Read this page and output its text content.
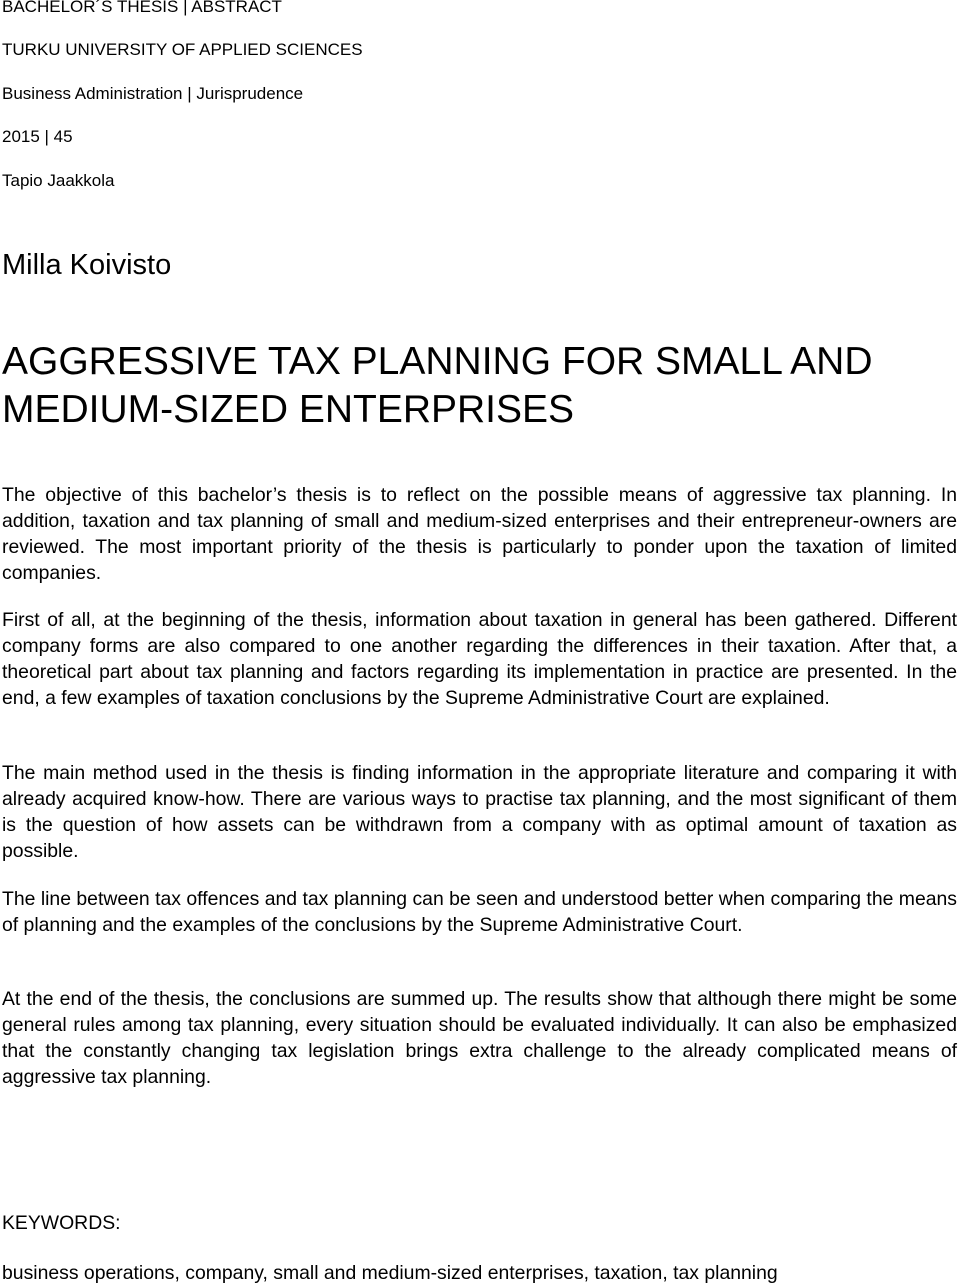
BACHELOR´S THESIS | ABSTRACT
TURKU UNIVERSITY OF APPLIED SCIENCES
Business Administration | Jurisprudence
2015 | 45
Tapio Jaakkola
Milla Koivisto
AGGRESSIVE TAX PLANNING FOR SMALL AND MEDIUM-SIZED ENTERPRISES

The objective of this bachelor’s thesis is to reflect on the possible means of aggressive tax planning. In addition, taxation and tax planning of small and medium-sized enterprises and their entrepreneur-owners are reviewed. The most important priority of the thesis is particularly to ponder upon the taxation of limited companies.

First of all, at the beginning of the thesis, information about taxation in general has been gathered. Different company forms are also compared to one another regarding the differences in their taxation. After that, a theoretical part about tax planning and factors regarding its implementation in practice are presented. In the end, a few examples of taxation conclusions by the Supreme Administrative Court are explained.

The main method used in the thesis is finding information in the appropriate literature and comparing it with already acquired know-how. There are various ways to practise tax planning, and the most significant of them is the question of how assets can be withdrawn from a company with as optimal amount of taxation as possible.

The line between tax offences and tax planning can be seen and understood better when comparing the means of planning and the examples of the conclusions by the Supreme Administrative Court.

At the end of the thesis, the conclusions are summed up. The results show that although there might be some general rules among tax planning, every situation should be evaluated individually. It can also be emphasized that the constantly changing tax legislation brings extra challenge to the already complicated means of aggressive tax planning.

KEYWORDS:
business operations, company, small and medium-sized enterprises, taxation, tax planning
